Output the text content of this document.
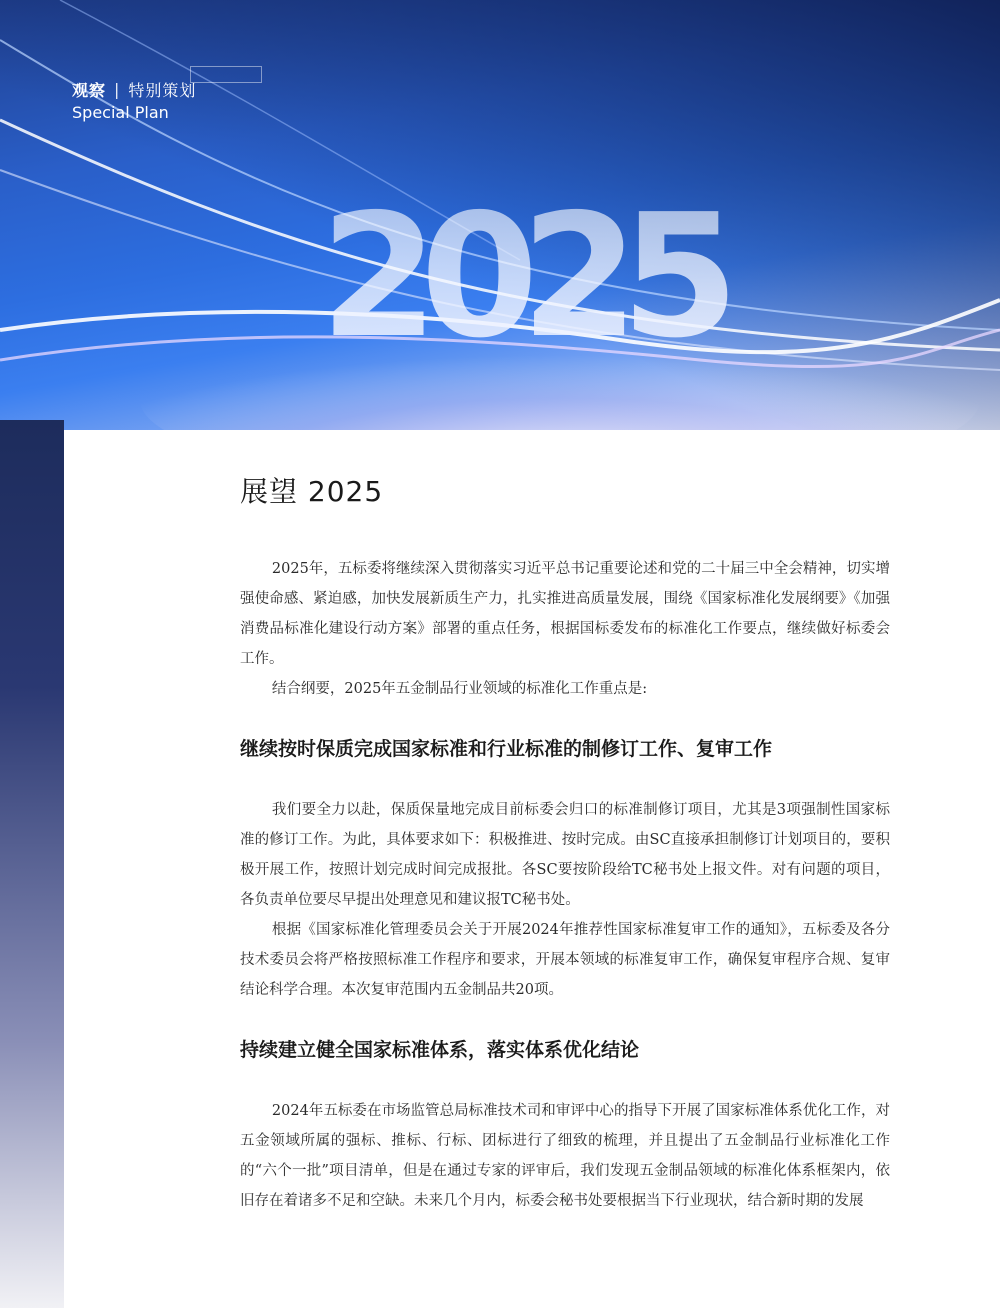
2025
观察 | 特别策划
Special Plan
展望 2025

2025年，五标委将继续深入贯彻落实习近平总书记重要论述和党的二十届三中全会精神，切实增强使命感、紧迫感，加快发展新质生产力，扎实推进高质量发展，围绕《国家标准化发展纲要》《加强消费品标准化建设行动方案》部署的重点任务，根据国标委发布的标准化工作要点，继续做好标委会工作。

结合纲要，2025年五金制品行业领域的标准化工作重点是:

继续按时保质完成国家标准和行业标准的制修订工作、复审工作

我们要全力以赴，保质保量地完成目前标委会归口的标准制修订项目，尤其是3项强制性国家标准的修订工作。为此，具体要求如下：积极推进、按时完成。由SC直接承担制修订计划项目的，要积极开展工作，按照计划完成时间完成报批。各SC要按阶段给TC秘书处上报文件。对有问题的项目，各负责单位要尽早提出处理意见和建议报TC秘书处。

根据《国家标准化管理委员会关于开展2024年推荐性国家标准复审工作的通知》，五标委及各分技术委员会将严格按照标准工作程序和要求，开展本领域的标准复审工作，确保复审程序合规、复审结论科学合理。本次复审范围内五金制品共20项。

持续建立健全国家标准体系，落实体系优化结论

2024年五标委在市场监管总局标准技术司和审评中心的指导下开展了国家标准体系优化工作，对五金领域所属的强标、推标、行标、团标进行了细致的梳理，并且提出了五金制品行业标准化工作的“六个一批”项目清单，但是在通过专家的评审后，我们发现五金制品领域的标准化体系框架内，依旧存在着诸多不足和空缺。未来几个月内，标委会秘书处要根据当下行业现状，结合新时期的发展
